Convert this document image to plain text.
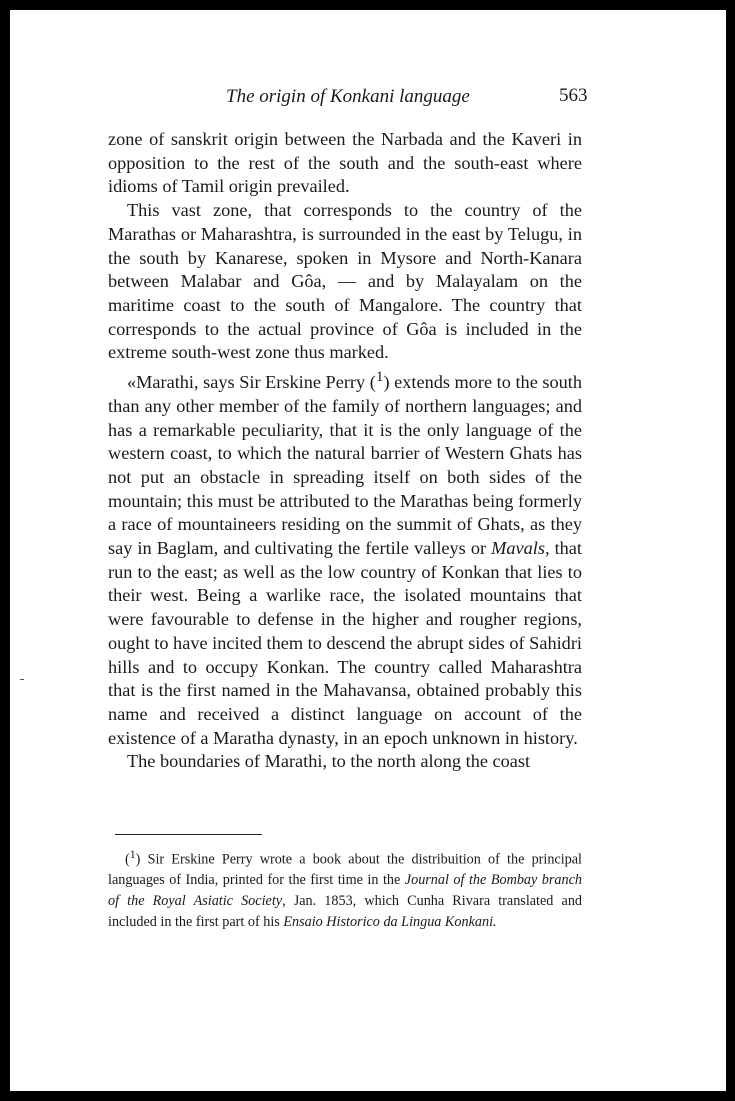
The origin of Konkani language	563

zone of sanskrit origin between the Narbada and the Kaveri in opposition to the rest of the south and the south-east where idioms of Tamil origin prevailed.

This vast zone, that corresponds to the country of the Marathas or Maharashtra, is surrounded in the east by Telugu, in the south by Kanarese, spoken in Mysore and North-Kanara between Malabar and Gôa, — and by Malayalam on the maritime coast to the south of Mangalore. The country that corresponds to the actual province of Gôa is included in the extreme south-west zone thus marked.

«Marathi, says Sir Erskine Perry ($^1$) extends more to the south than any other member of the family of northern languages; and has a remarkable peculiarity, that it is the only language of the western coast, to which the natural barrier of Western Ghats has not put an obstacle in spreading itself on both sides of the mountain; this must be attributed to the Marathas being formerly a race of mountaineers residing on the summit of Ghats, as they say in Baglam, and cultivating the fertile valleys or Mavals, that run to the east; as well as the low country of Konkan that lies to their west. Being a warlike race, the isolated mountains that were favourable to defense in the higher and rougher regions, ought to have incited them to descend the abrupt sides of Sahidri hills and to occupy Konkan. The country called Maharashtra that is the first named in the Mahavansa, obtained probably this name and received a distinct language on account of the existence of a Maratha dynasty, in an epoch unknown in history.

The boundaries of Marathi, to the north along the coast

($^1$) Sir Erskine Perry wrote a book about the distribuition of the principal languages of India, printed for the first time in the Journal of the Bombay branch of the Royal Asiatic Society, Jan. 1853, which Cunha Rivara translated and included in the first part of his Ensaio Historico da Lingua Konkani.
